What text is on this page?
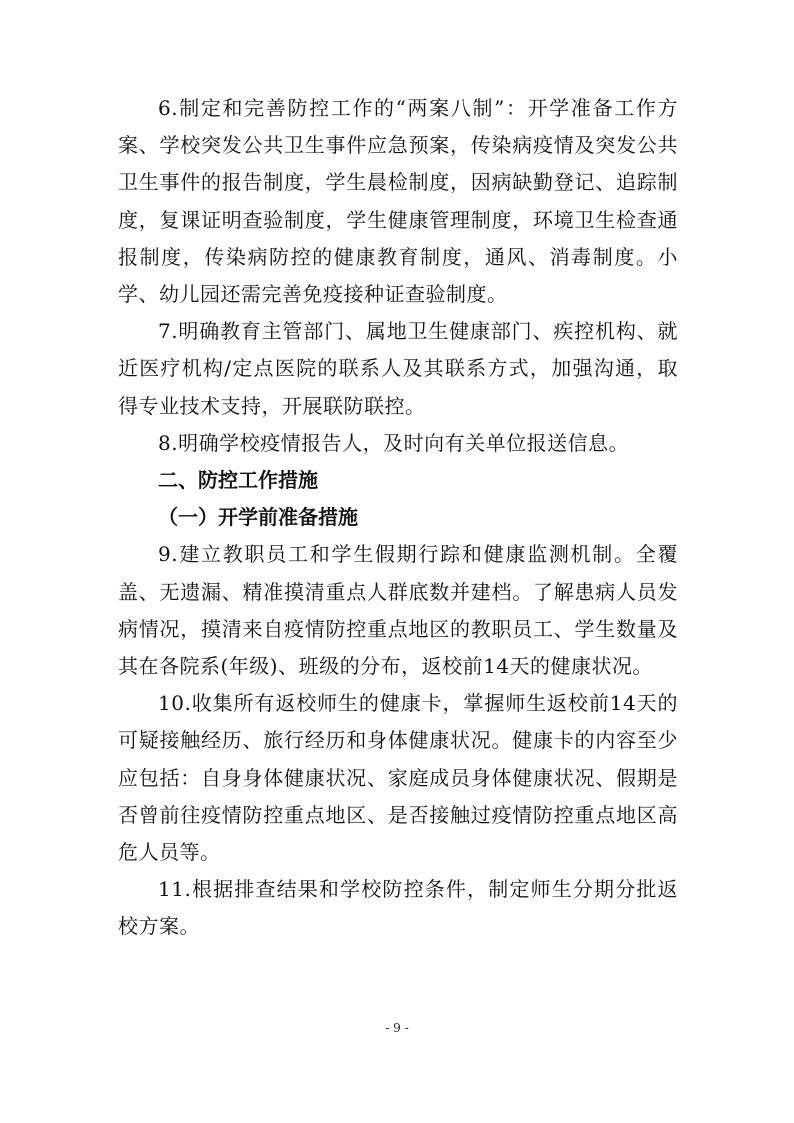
6.制定和完善防控工作的“两案八制”：开学准备工作方案、学校突发公共卫生事件应急预案，传染病疫情及突发公共卫生事件的报告制度，学生晨检制度，因病缺勤登记、追踪制度，复课证明查验制度，学生健康管理制度，环境卫生检查通报制度，传染病防控的健康教育制度，通风、消毒制度。小学、幼儿园还需完善免疫接种证查验制度。

7.明确教育主管部门、属地卫生健康部门、疾控机构、就近医疗机构/定点医院的联系人及其联系方式，加强沟通，取得专业技术支持，开展联防联控。

8.明确学校疫情报告人，及时向有关单位报送信息。

二、防控工作措施
（一）开学前准备措施

9.建立教职员工和学生假期行踪和健康监测机制。全覆盖、无遗漏、精准摸清重点人群底数并建档。了解患病人员发病情况，摸清来自疫情防控重点地区的教职员工、学生数量及其在各院系(年级)、班级的分布，返校前14天的健康状况。

10.收集所有返校师生的健康卡，掌握师生返校前14天的可疑接触经历、旅行经历和身体健康状况。健康卡的内容至少应包括：自身身体健康状况、家庭成员身体健康状况、假期是否曾前往疫情防控重点地区、是否接触过疫情防控重点地区高危人员等。

11.根据排查结果和学校防控条件，制定师生分期分批返校方案。

- 9 -
